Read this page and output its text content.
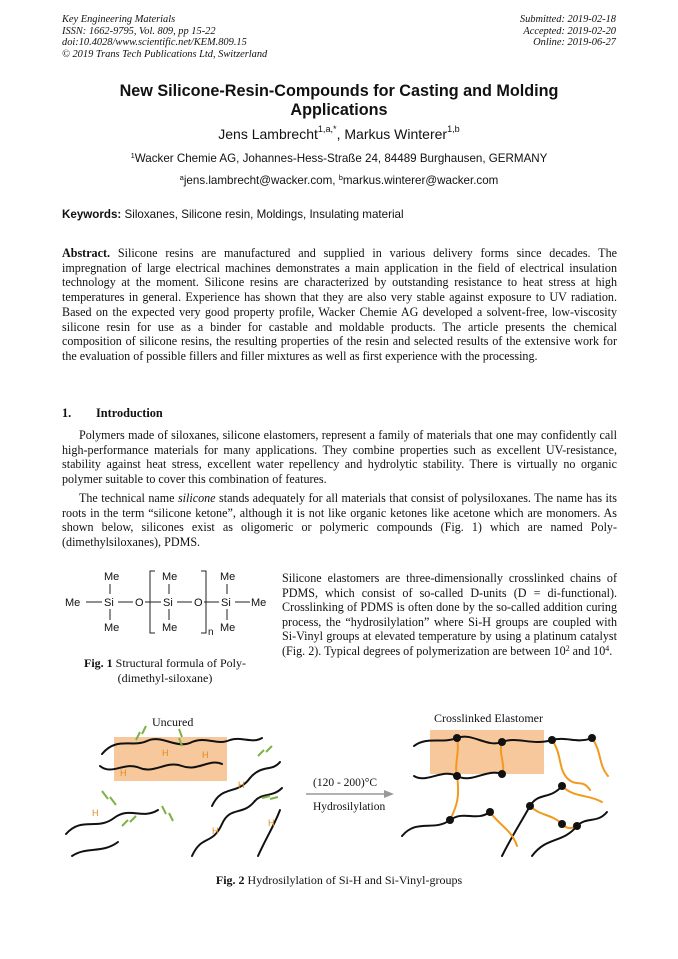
Key Engineering Materials
ISSN: 1662-9795, Vol. 809, pp 15-22
doi:10.4028/www.scientific.net/KEM.809.15
© 2019 Trans Tech Publications Ltd, Switzerland
Submitted: 2019-02-18
Accepted: 2019-02-20
Online: 2019-06-27
New Silicone-Resin-Compounds for Casting and Molding Applications
Jens Lambrecht$^{1,a,*}$, Markus Winterer$^{1,b}$
$^1$Wacker Chemie AG, Johannes-Hess-Straße 24, 84489 Burghausen, GERMANY
$^a$jens.lambrecht@wacker.com, $^b$markus.winterer@wacker.com
Keywords: Siloxanes, Silicone resin, Moldings, Insulating material

Abstract. Silicone resins are manufactured and supplied in various delivery forms since decades. The impregnation of large electrical machines demonstrates a main application in the field of electrical insulation technology at the moment. Silicone resins are characterized by outstanding resistance to heat stress at high temperatures in general. Experience has shown that they are also very stable against exposure to UV radiation. Based on the expected very good property profile, Wacker Chemie AG developed a solvent-free, low-viscosity silicone resin for use as a binder for castable and moldable products. The article presents the chemical composition of silicone resins, the resulting properties of the resin and selected results of the extensive work for the evaluation of possible fillers and filler mixtures as well as first experience with the processing.

1. Introduction

Polymers made of siloxanes, silicone elastomers, represent a family of materials that one may confidently call high-performance materials for many applications. They combine properties such as excellent UV-resistance, stability against heat stress, excellent water repellency and hydrolytic stability. There is virtually no organic polymer suitable to cover this combination of features.

The technical name silicone stands adequately for all materials that consist of polysiloxanes. The name has its roots in the term “silicone ketone”, although it is not like organic ketones like acetone which are monomers. As shown below, silicones exist as oligomeric or polymeric compounds (Fig. 1) which are named Poly-(dimethylsiloxanes), PDMS.

Me	Me	Me
Me Si O Si O Si Me
Me	Me	Me
n
Fig. 1 Structural formula of Poly-(dimethyl-siloxane)

Silicone elastomers are three-dimensionally crosslinked chains of PDMS, which consist of so-called D-units (D = di-functional). Crosslinking of PDMS is often done by the so-called addition curing process, the “hydrosilylation” where Si-H groups are coupled with Si-Vinyl groups at elevated temperature by using a platinum catalyst (Fig. 2). Typical degrees of polymerization are between $10^2$ and $10^4$.

Uncured
H	H
H
H
H
H
H
(120 - 200)°C
Hydrosilylation
Crosslinked Elastomer
Fig. 2 Hydrosilylation of Si-H and Si-Vinyl-groups
